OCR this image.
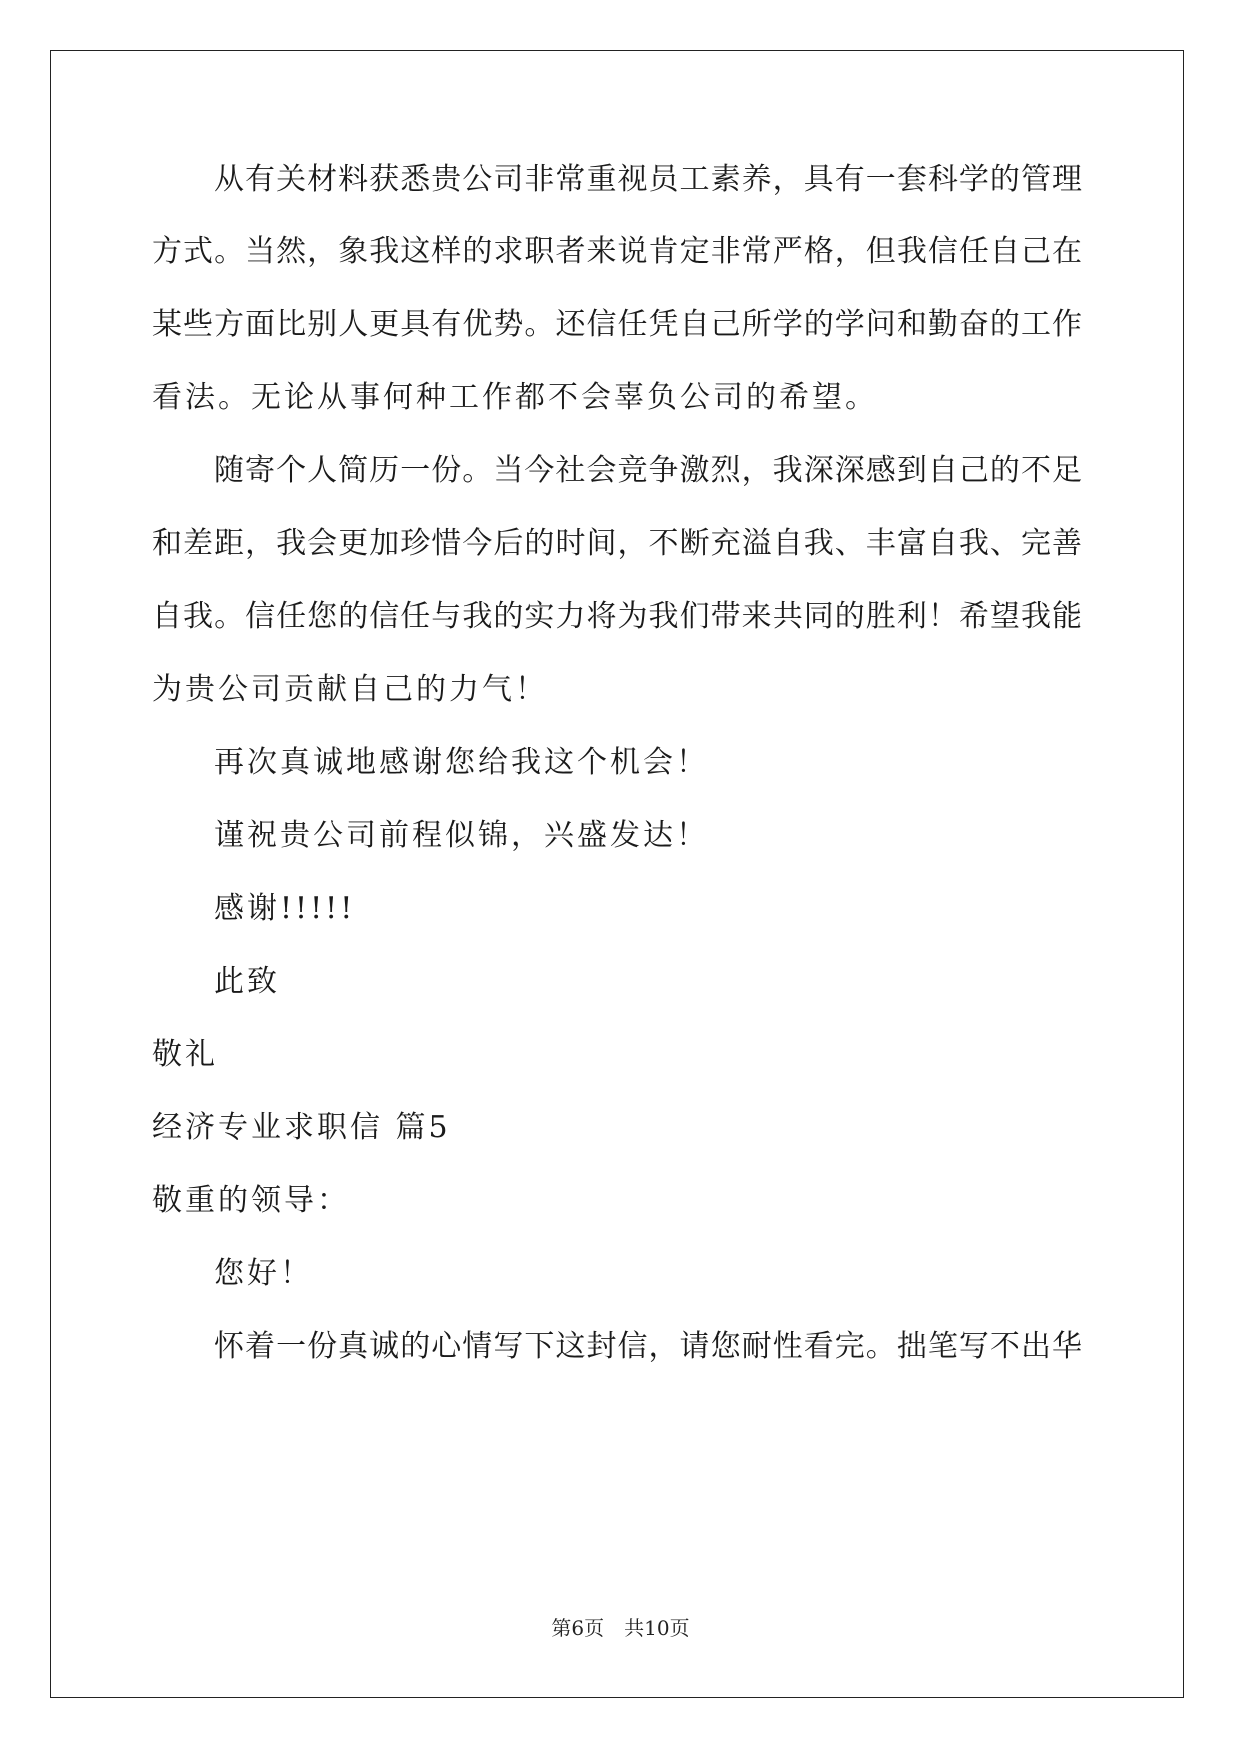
从有关材料获悉贵公司非常重视员工素养，具有一套科学的管理
方式。当然，象我这样的求职者来说肯定非常严格，但我信任自己在
某些方面比别人更具有优势。还信任凭自己所学的学问和勤奋的工作
看法。无论从事何种工作都不会辜负公司的希望。
随寄个人简历一份。当今社会竞争激烈，我深深感到自己的不足
和差距，我会更加珍惜今后的时间，不断充溢自我、丰富自我、完善
自我。信任您的信任与我的实力将为我们带来共同的胜利！希望我能
为贵公司贡献自己的力气！
再次真诚地感谢您给我这个机会！
谨祝贵公司前程似锦，兴盛发达！
感谢!!!!!
此致
敬礼
经济专业求职信 篇5
敬重的领导：
您好！
怀着一份真诚的心情写下这封信，请您耐性看完。拙笔写不出华
第6页　共10页
